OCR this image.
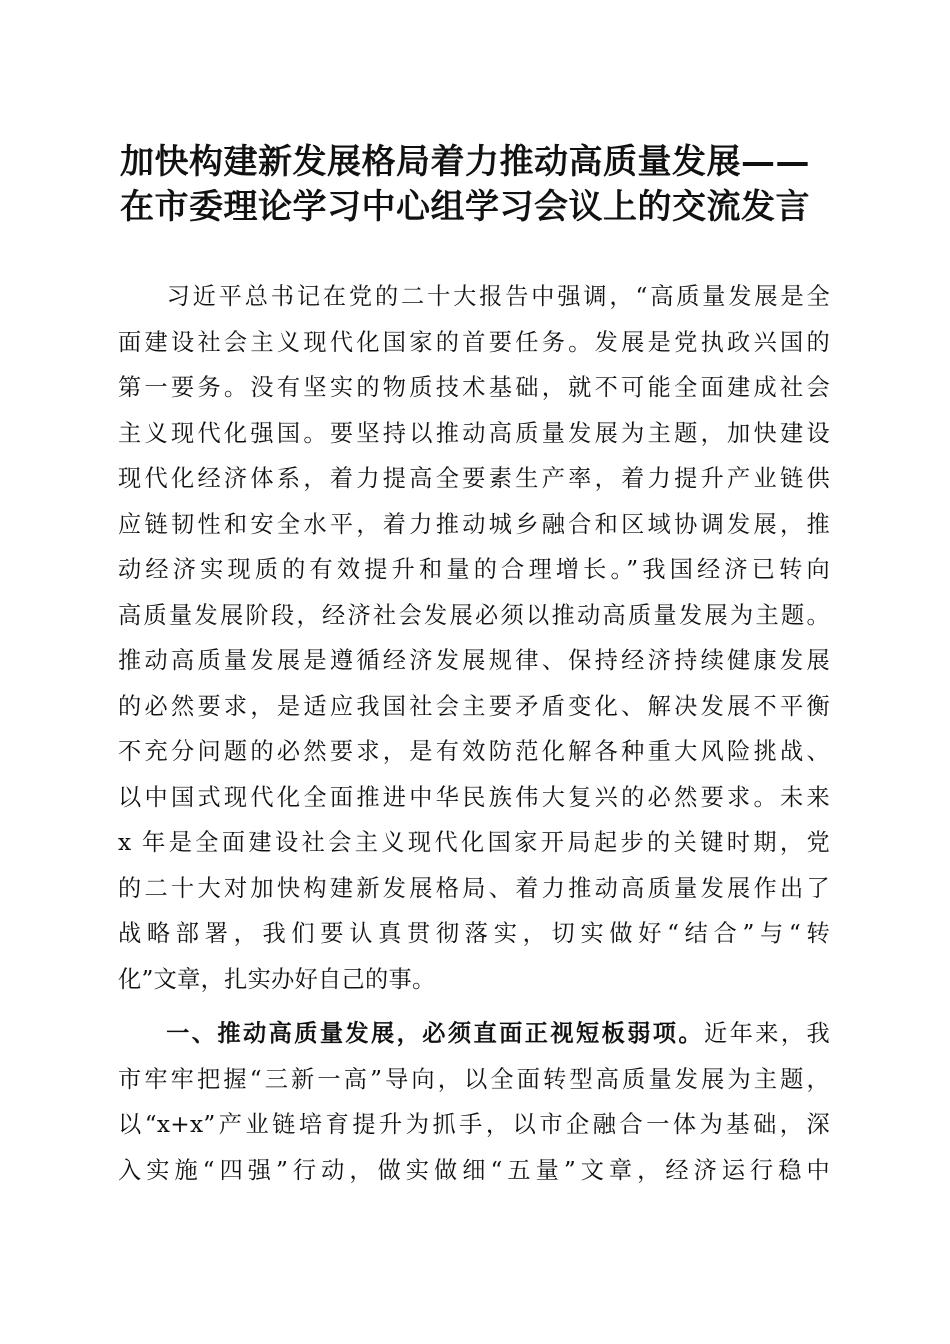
加快构建新发展格局着力推动高质量发展——
在市委理论学习中心组学习会议上的交流发言
习近平总书记在党的二十大报告中强调，“高质量发展是全
面建设社会主义现代化国家的首要任务。发展是党执政兴国的
第一要务。没有坚实的物质技术基础，就不可能全面建成社会
主义现代化强国。要坚持以推动高质量发展为主题，加快建设
现代化经济体系，着力提高全要素生产率，着力提升产业链供
应链韧性和安全水平，着力推动城乡融合和区域协调发展，推
动经济实现质的有效提升和量的合理增长。”我国经济已转向
高质量发展阶段，经济社会发展必须以推动高质量发展为主题。
推动高质量发展是遵循经济发展规律、保持经济持续健康发展
的必然要求，是适应我国社会主要矛盾变化、解决发展不平衡
不充分问题的必然要求，是有效防范化解各种重大风险挑战、
以中国式现代化全面推进中华民族伟大复兴的必然要求。未来
x 年是全面建设社会主义现代化国家开局起步的关键时期，党
的二十大对加快构建新发展格局、着力推动高质量发展作出了
战略部署，我们要认真贯彻落实，切实做好“结合”与“转
化”文章，扎实办好自己的事。
一、推动高质量发展，必须直面正视短板弱项。近年来，我
市牢牢把握“三新一高”导向，以全面转型高质量发展为主题，
以“x+x”产业链培育提升为抓手，以市企融合一体为基础，深
入实施“四强”行动，做实做细“五量”文章，经济运行稳中
